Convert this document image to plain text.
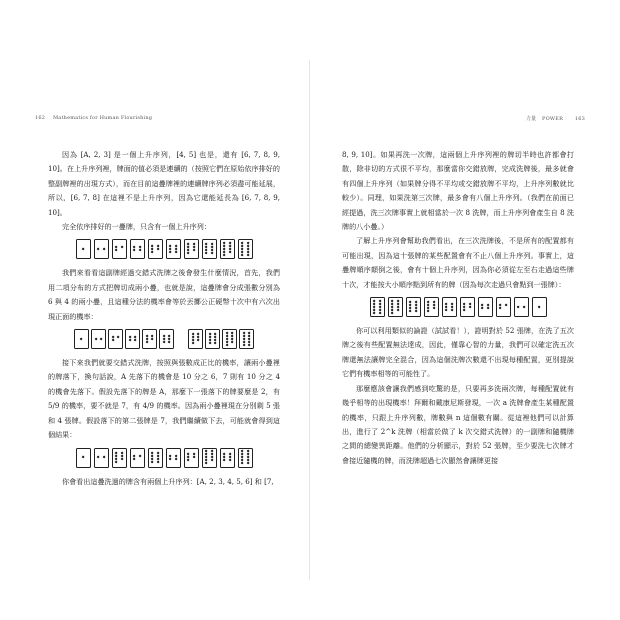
162 Mathematics for Human Flourishing

因為 [A, 2, 3] 是一個上升序列，[4, 5] 也是，還有 [6, 7, 8, 9, 10]。在上升序列裡，牌面的值必須是連續的（按照它們在原始依序排好的整副牌裡的出現方式），而在目前這疊牌裡的連續牌序列必須盡可能延展，所以，[6, 7, 8] 在這裡不是上升序列，因為它還能延長為 [6, 7, 8, 9, 10]。

完全依序排好的一疊牌，只含有一個上升序列：

我們來看看這副牌經過交錯式洗牌之後會發生什麼情況，首先，我們用二項分布的方式把牌切成兩小疊，也就是說，這疊牌會分成張數分別為 6 與 4 的兩小疊，且這種分法的機率會等於丟擲公正硬幣十次中有六次出現正面的機率：

接下來我們就要交錯式洗牌，按照與張數成正比的機率，讓兩小疊裡的牌落下，換句話說，A 先落下的機會是 10 分之 6，7 則有 10 分之 4 的機會先落下。假設先落下的牌是 A，那麼下一張落下的牌要麼是 2，有 5/9 的機率，要不就是 7，有 4/9 的機率。因為兩小疊裡現在分別剩 5 張和 4 張牌。假設落下的第二張牌是 7，我們繼續做下去，可能就會得到這個結果：

你會看出這疊洗過的牌含有兩個上升序列：[A, 2, 3, 4, 5, 6] 和 [7,

力量 POWER 163

8, 9, 10]。如果再洗一次牌，這兩個上升序列裡的牌切半時也許都會打散，除非切的方式很不平均，那麼當你交錯放牌，完成洗牌後，最多就會有四個上升序列（如果牌分得不平均或交錯放牌不平均，上升序列數就比較少）。同理，如果洗第三次牌，最多會有八個上升序列。（我們在前面已經提過，洗三次牌事實上就相當於一次 8 洗牌，而上升序列會產生自 8 洗牌的八小疊。）

了解上升序列會幫助我們看出，在三次洗牌後，不是所有的配置都有可能出現，因為這十張牌的某些配置會有不止八個上升序列。事實上，這疊牌順序顛倒之後，會有十個上升序列，因為你必須從左至右走過這些牌十次，才能按大小順序點到所有的牌（因為每次走過只會點到一張牌）：

你可以利用類似的論證（試試看！），證明對於 52 張牌，在洗了五次牌之後有些配置無法達成，因此，僅靠心智的力量，我們可以確定洗五次牌還無法讓牌完全混合，因為這個洗牌次數還不出現每種配置，更別提說它們有機率相等的可能性了。

那麼應該會讓我們感到吃驚的是，只要再多洗兩次牌，每種配置就有幾乎相等的出現機率！拜爾和戴康尼斯發現，一次 a 洗牌會產生某種配置的機率，只跟上升序列數，牌數與 n 這個數有關。從這裡他們可以計算出，進行了 2^k 洗牌（相當於做了 k 次交錯式洗牌）的一副牌和隨機牌之間的總變異距離。他們的分析顯示，對於 52 張牌，至少要洗七次牌才會接近隨機的牌，而洗牌超過七次顯然會讓牌更接
